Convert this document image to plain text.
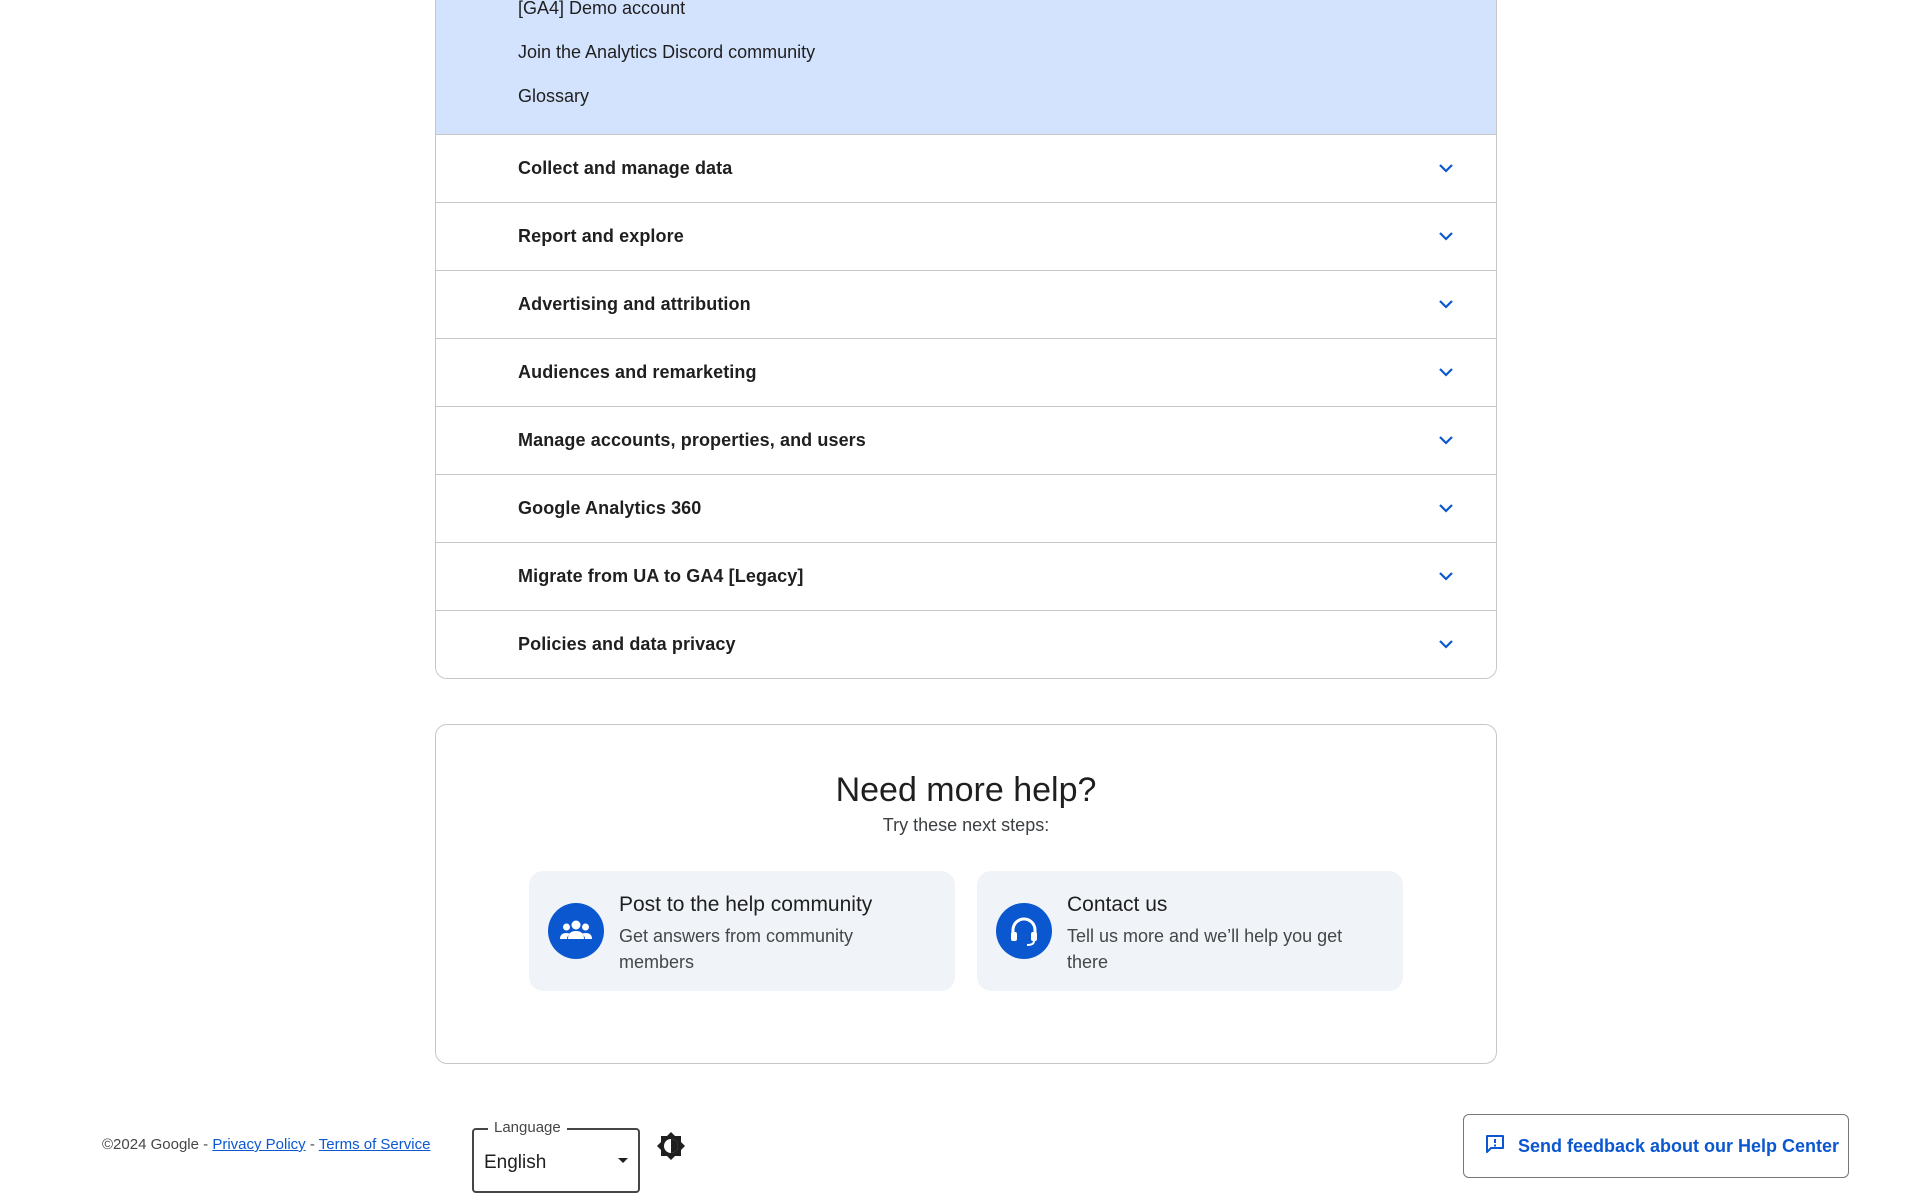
[GA4] Demo account
Join the Analytics Discord community
Glossary
Collect and manage data
Report and explore
Advertising and attribution
Audiences and remarketing
Manage accounts, properties, and users
Google Analytics 360
Migrate from UA to GA4 [Legacy]
Policies and data privacy
Need more help?
Try these next steps:
Post to the help community
Get answers from community members
Contact us
Tell us more and we’ll help you get there
©2024 Google - Privacy Policy - Terms of Service
Language
English
Send feedback about our Help Center
